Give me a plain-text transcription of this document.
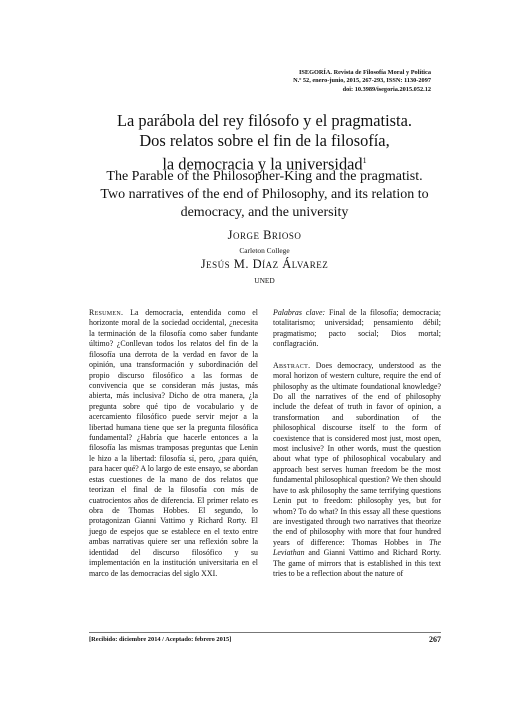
ISEGORÍA. Revista de Filosofía Moral y Política
N.º 52, enero-junio, 2015, 267-293, ISSN: 1130-2097
doi: 10.3989/isegoria.2015.052.12
La parábola del rey filósofo y el pragmatista.
Dos relatos sobre el fin de la filosofía,
la democracia y la universidad$^1$
The Parable of the Philosopher-King and the pragmatist.
Two narratives of the end of Philosophy, and its relation to
democracy, and the university
Jorge Brioso
Carleton College
Jesús M. Díaz Álvarez
UNED

Resumen. La democracia, entendida como el horizonte moral de la sociedad occidental, ¿necesita la terminación de la filosofía como saber fundante último? ¿Conllevan todos los relatos del fin de la filosofía una derrota de la verdad en favor de la opinión, una transformación y subordinación del propio discurso filosófico a las formas de convivencia que se consideran más justas, más abierta, más inclusiva? Dicho de otra manera, ¿la pregunta sobre qué tipo de vocabulario y de acercamiento filosófico puede servir mejor a la libertad humana tiene que ser la pregunta filosófica fundamental? ¿Habría que hacerle entonces a la filosofía las mismas tramposas preguntas que Lenin le hizo a la libertad: filosofía sí, pero, ¿para quién, para hacer qué? A lo largo de este ensayo, se abordan estas cuestiones de la mano de dos relatos que teorizan el final de la filosofía con más de cuatrocientos años de diferencia. El primer relato es obra de Thomas Hobbes. El segundo, lo protagonizan Gianni Vattimo y Richard Rorty. El juego de espejos que se establece en el texto entre ambas narrativas quiere ser una reflexión sobre la identidad del discurso filosófico y su implementación en la institución universitaria en el marco de las democracias del siglo XXI.

Palabras clave: Final de la filosofía; democracia; totalitarismo; universidad; pensamiento débil; pragmatismo; pacto social; Dios mortal; conflagración.

Abstract. Does democracy, understood as the moral horizon of western culture, require the end of philosophy as the ultimate foundational knowledge? Do all the narratives of the end of philosophy include the defeat of truth in favor of opinion, a transformation and subordination of the philosophical discourse itself to the form of coexistence that is considered most just, most open, most inclusive? In other words, must the question about what type of philosophical vocabulary and approach best serves human freedom be the most fundamental philosophical question? We then should have to ask philosophy the same terrifying questions Lenin put to freedom: philosophy yes, but for whom? To do what? In this essay all these questions are investigated through two narratives that theorize the end of philosophy with more that four hundred years of difference: Thomas Hobbes in The Leviathan and Gianni Vattimo and Richard Rorty. The game of mirrors that is established in this text tries to be a reflection about the nature of

[Recibido: diciembre 2014 / Aceptado: febrero 2015]	267
